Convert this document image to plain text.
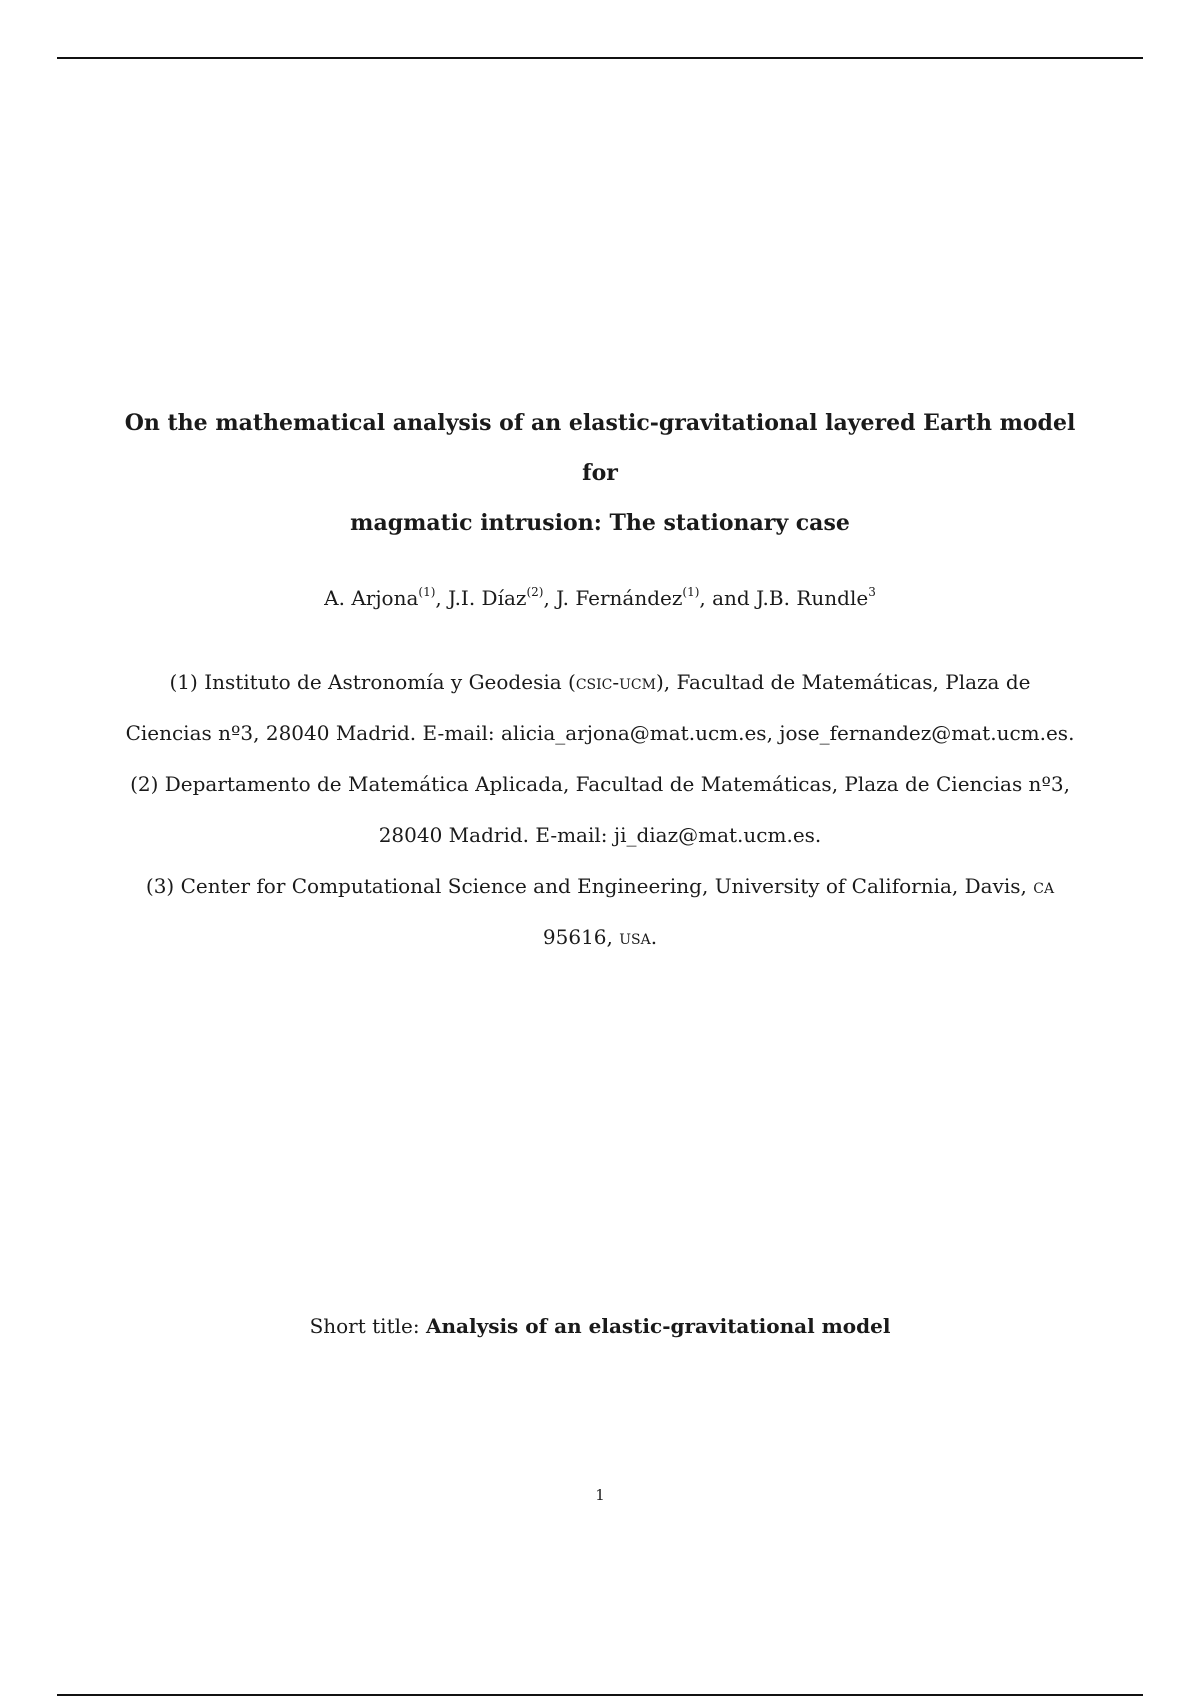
On the mathematical analysis of an elastic-gravitational layered Earth model for
magmatic intrusion: The stationary case
A. Arjona$^{(1)}$, J.I. Díaz$^{(2)}$, J. Fernández$^{(1)}$, and J.B. Rundle$^3$
(1) Instituto de Astronomía y Geodesia (csic-ucm), Facultad de Matemáticas, Plaza de
Ciencias nº3, 28040 Madrid. E-mail: alicia_arjona@mat.ucm.es, jose_fernandez@mat.ucm.es.
(2) Departamento de Matemática Aplicada, Facultad de Matemáticas, Plaza de Ciencias nº3,
28040 Madrid. E-mail: ji_diaz@mat.ucm.es.
(3) Center for Computational Science and Engineering, University of California, Davis, ca
95616, usa.
Short title: Analysis of an elastic-gravitational model
1
